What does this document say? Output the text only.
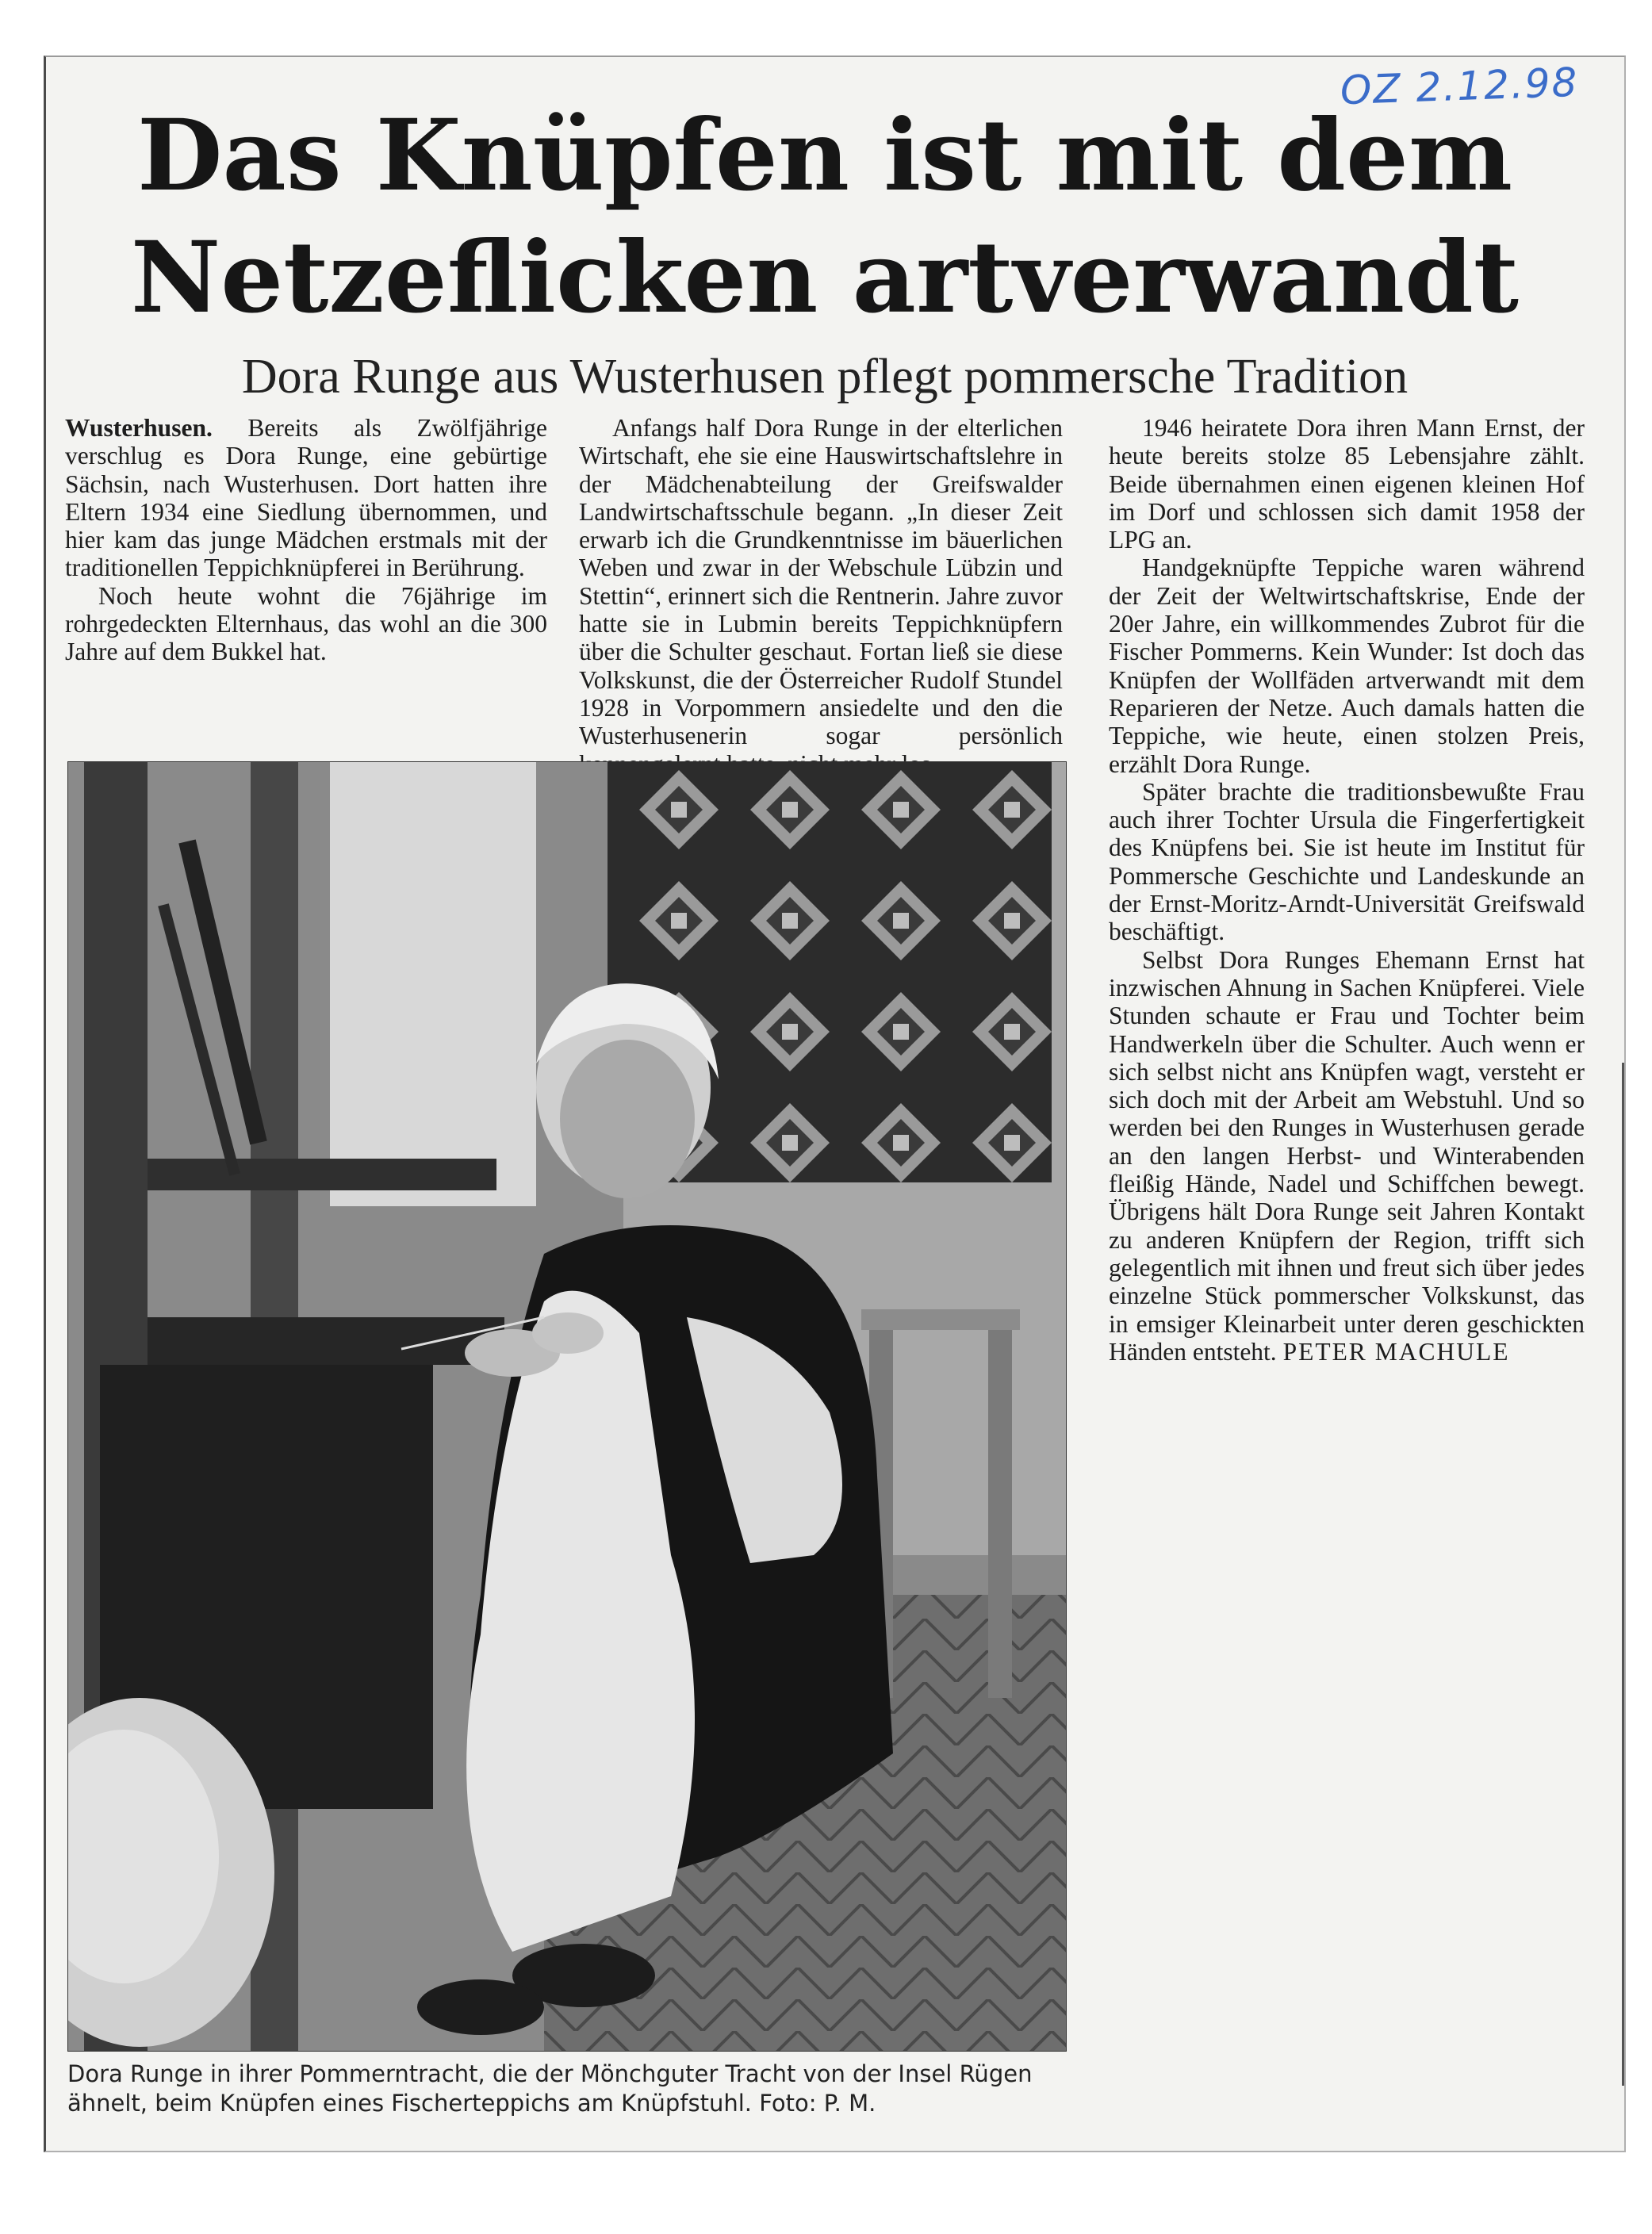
OZ 2.12.98
Das Knüpfen ist mit dem
Netzeflicken artverwandt
Dora Runge aus Wusterhusen pflegt pommersche Tradition

Wusterhusen. Bereits als Zwölfjährige verschlug es Dora Runge, eine gebürtige Sächsin, nach Wusterhusen. Dort hatten ihre Eltern 1934 eine Siedlung übernommen, und hier kam das junge Mädchen erstmals mit der traditionellen Teppichknüpferei in Berührung.

Noch heute wohnt die 76jährige im rohrgedeckten Elternhaus, das wohl an die 300 Jahre auf dem Bukkel hat.

Anfangs half Dora Runge in der elterlichen Wirtschaft, ehe sie eine Hauswirtschaftslehre in der Mädchenabteilung der Greifswalder Landwirtschaftsschule begann. „In dieser Zeit erwarb ich die Grundkenntnisse im bäuerlichen Weben und zwar in der Webschule Lübzin und Stettin“, erinnert sich die Rentnerin. Jahre zuvor hatte sie in Lubmin bereits Teppichknüpfern über die Schulter geschaut. Fortan ließ sie diese Volkskunst, die der Österreicher Rudolf Stundel 1928 in Vorpommern ansiedelte und den die Wusterhusenerin sogar persönlich

1946 heiratete Dora ihren Mann Ernst, der heute bereits stolze 85 Lebensjahre zählt. Beide übernahmen einen eigenen kleinen Hof im Dorf und schlossen sich damit 1958 der LPG an.

Handgeknüpfte Teppiche waren während der Zeit der Weltwirtschaftskrise, Ende der 20er Jahre, ein willkommendes Zubrot für die Fischer Pommerns. Kein Wunder: Ist doch das Knüpfen der Wollfäden artverwandt mit dem Reparieren der Netze. Auch damals hatten die Teppiche, wie heute, einen stolzen Preis, erzählt Dora Runge.

Später brachte die traditionsbewußte Frau auch ihrer Tochter Ursula die Fingerfertigkeit des Knüpfens bei. Sie ist heute im Institut für Pommersche Geschichte und Landeskunde an der Ernst-Moritz-Arndt-Universität Greifswald beschäftigt.

Selbst Dora Runges Ehemann Ernst hat inzwischen Ahnung in Sachen Knüpferei. Viele Stunden schaute er Frau und Tochter beim Handwerkeln über die Schulter. Auch wenn er sich selbst nicht ans Knüpfen wagt, versteht er sich doch mit der Arbeit am Webstuhl. Und so werden bei den Runges in Wusterhusen gerade an den langen Herbst- und Winterabenden fleißig Hände, Nadel und Schiffchen bewegt. Übrigens hält Dora Runge seit Jahren Kontakt zu anderen Knüpfern der Region, trifft sich gelegentlich mit ihnen und freut sich über jedes einzelne Stück pommerscher Volkskunst, das in emsiger Kleinarbeit unter deren geschickten Händen entsteht. PETER MACHULE

Dora Runge in ihrer Pommerntracht, die der Mönchguter Tracht von der Insel Rügen ähnelt, beim Knüpfen eines Fischerteppichs am Knüpfstuhl. Foto: P. M.
